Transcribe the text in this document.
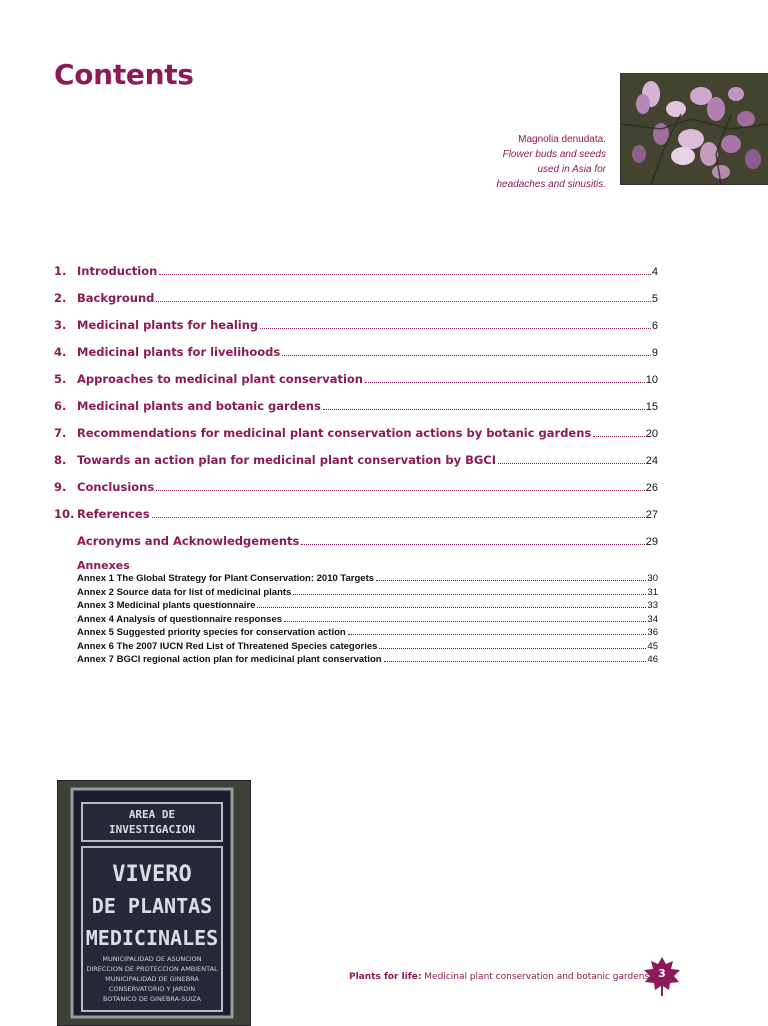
Contents
Magnolia denudata.
Flower buds and seeds
used in Asia for
headaches and sinusitis.
1. Introduction	4
2. Background	5
3. Medicinal plants for healing	6
4. Medicinal plants for livelihoods	9
5. Approaches to medicinal plant conservation	10
6. Medicinal plants and botanic gardens	15
7. Recommendations for medicinal plant conservation actions by botanic gardens	20
8. Towards an action plan for medicinal plant conservation by BGCI	24
9. Conclusions	26
10. References	27
Acronyms and Acknowledgements	29
Annexes
Annex 1 The Global Strategy for Plant Conservation: 2010 Targets	30
Annex 2 Source data for list of medicinal plants	31
Annex 3 Medicinal plants questionnaire	33
Annex 4 Analysis of questionnaire responses	34
Annex 5 Suggested priority species for conservation action	36
Annex 6 The 2007 IUCN Red List of Threatened Species categories	45
Annex 7 BGCI regional action plan for medicinal plant conservation	46
AREA DE
INVESTIGACION
VIVERO
DE PLANTAS
MEDICINALES
MUNICIPALIDAD DE ASUNCION
DIRECCION DE PROTECCION AMBIENTAL
MUNICIPALIDAD DE GINEBRA
CONSERVATORIO Y JARDIN
BOTANICO DE GINEBRA-SUIZA
Plants for life: Medicinal plant conservation and botanic gardens 3
